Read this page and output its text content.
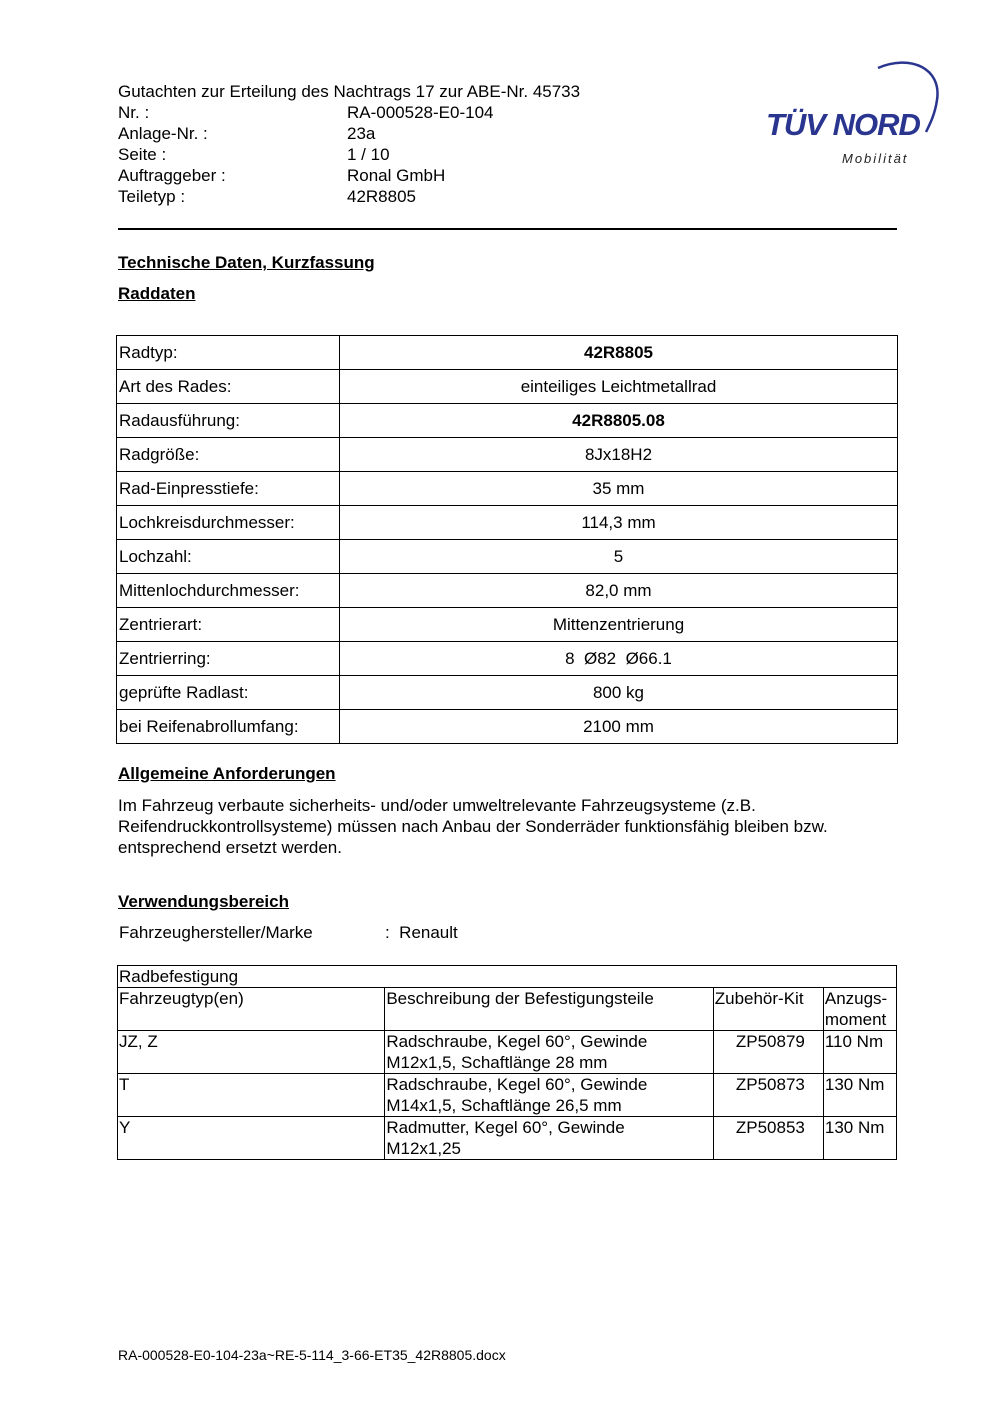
Gutachten zur Erteilung des Nachtrags 17 zur ABE-Nr. 45733
Nr. :	RA-000528-E0-104
Anlage-Nr. :	23a
Seite :	1 / 10
Auftraggeber :	Ronal GmbH
Teiletyp :	42R8805
TÜV NORD
Mobilität
Technische Daten, Kurzfassung
Raddaten
Radtyp:	42R8805
Art des Rades:	einteiliges Leichtmetallrad
Radausführung:	42R8805.08
Radgröße:	8Jx18H2
Rad-Einpresstiefe:	35 mm
Lochkreisdurchmesser:	114,3 mm
Lochzahl:	5
Mittenlochdurchmesser:	82,0 mm
Zentrierart:	Mittenzentrierung
Zentrierring:	8  Ø82  Ø66.1
geprüfte Radlast:	800 kg
bei Reifenabrollumfang:	2100 mm
Allgemeine Anforderungen
Im Fahrzeug verbaute sicherheits- und/oder umweltrelevante Fahrzeugsysteme (z.B.
Reifendruckkontrollsysteme) müssen nach Anbau der Sonderräder funktionsfähig bleiben bzw.
entsprechend ersetzt werden.
Verwendungsbereich
Fahrzeughersteller/Marke	:  Renault
Radbefestigung			
Fahrzeugtyp(en)	Beschreibung der Befestigungsteile	Zubehör-Kit	Anzugs-
moment

JZ, Z	Radschraube, Kegel 60°, Gewinde
M12x1,5, Schaftlänge 28 mm	ZP50879	110 Nm
T	Radschraube, Kegel 60°, Gewinde
M14x1,5, Schaftlänge 26,5 mm	ZP50873	130 Nm
Y	Radmutter, Kegel 60°, Gewinde
M12x1,25	ZP50853	130 Nm
RA-000528-E0-104-23a~RE-5-114_3-66-ET35_42R8805.docx
